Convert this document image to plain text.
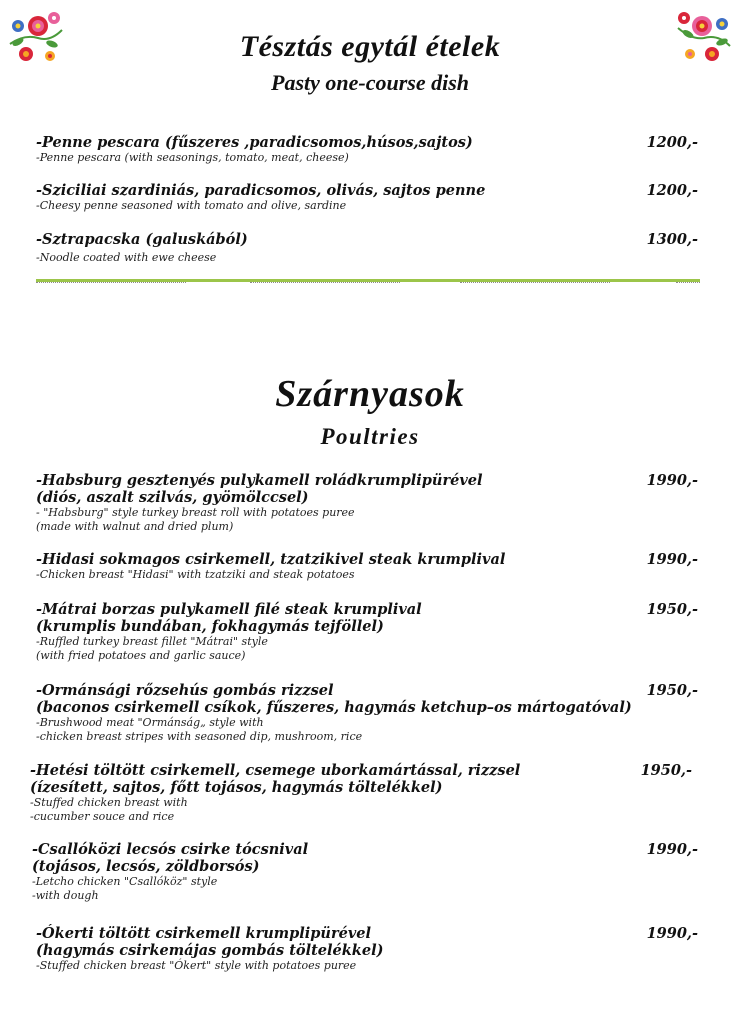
Tésztás egytál ételek
Pasty one-course dish
-Penne pescara (fűszeres ,paradicsomos,húsos,sajtos)
-Penne pescara (with seasonings, tomato, meat, cheese)
1200,-
-Sziciliai szardiniás, paradicsomos, olivás, sajtos penne
-Cheesy penne seasoned with tomato and olive, sardine
1200,-
-Sztrapacska (galuskából)
-Noodle coated with ewe cheese
1300,-
Szárnyasok
Poultries
-Habsburg gesztenyés pulykamell roládkrumplipürével
(diós, aszalt szilvás, gyömölccsel)
- "Habsburg" style turkey breast roll with potatoes puree
(made with walnut and dried plum)
1990,-
-Hidasi sokmagos csirkemell, tzatzikivel steak krumplival
-Chicken breast "Hidasi" with tzatziki and steak potatoes
1990,-
-Mátrai borzas pulykamell filé steak krumplival
(krumplis bundában, fokhagymás tejföllel)
-Ruffled turkey breast fillet "Mátrai" style
(with fried potatoes and garlic sauce)
1950,-
-Ormánsági rőzsehús gombás rizzsel
(baconos csirkemell csíkok, fűszeres, hagymás ketchup–os mártogatóval)
-Brushwood meat "Ormánság„ style with
-chicken breast stripes with seasoned dip, mushroom, rice
1950,-
-Hetési töltött csirkemell, csemege uborkamártással, rizzsel
(ízesített, sajtos, főtt tojásos, hagymás töltelékkel)
-Stuffed chicken breast with
-cucumber souce and rice
1950,-
-Csallóközi lecsós csirke tócsnival
(tojásos, lecsós, zöldborsós)
-Letcho chicken "Csallóköz" style
-with dough
1990,-
-Ókerti töltött csirkemell krumplipürével
(hagymás csirkemájas gombás töltelékkel)
-Stuffed chicken breast "Ókert" style with potatoes puree
1990,-
